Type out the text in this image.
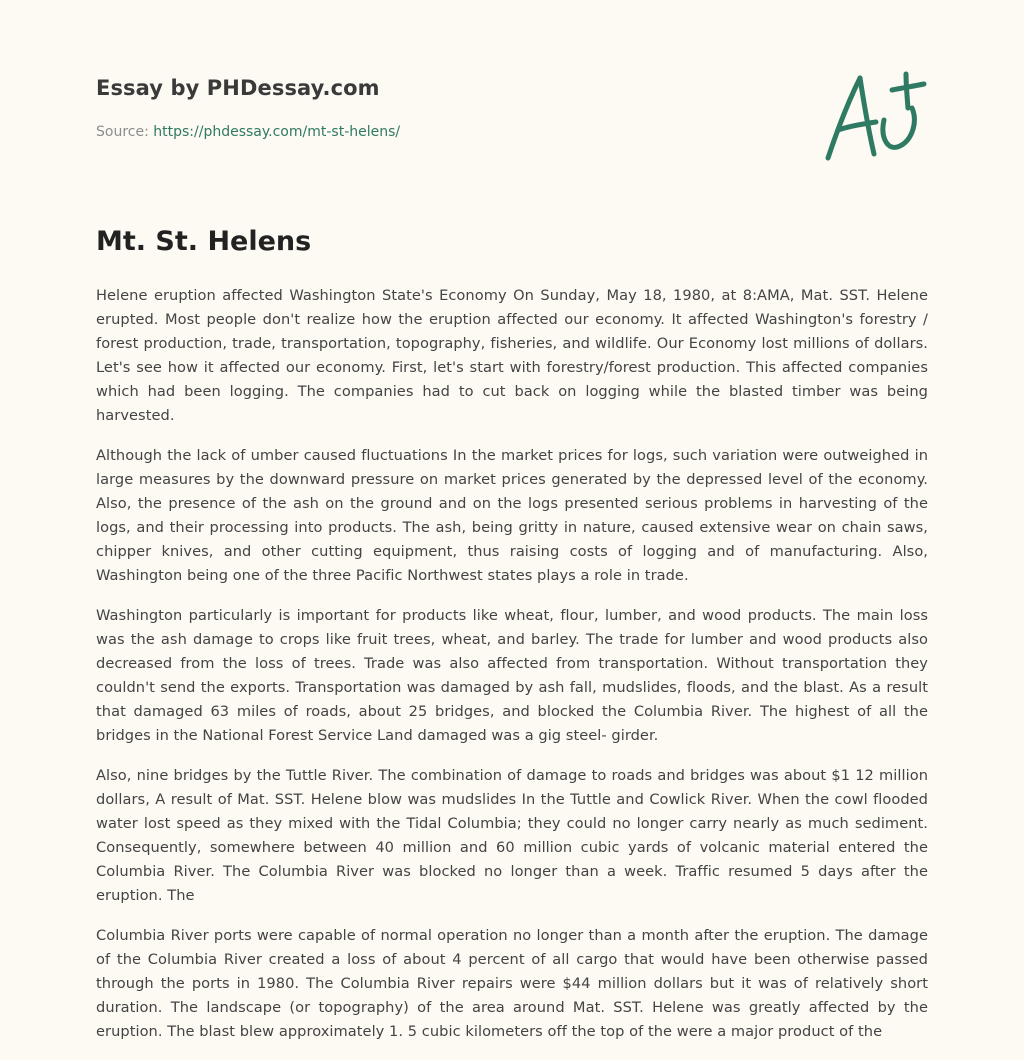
Essay by PHDessay.com
Source: https://phdessay.com/mt-st-helens/
Mt. St. Helens

Helene eruption affected Washington State's Economy On Sunday, May 18, 1980, at 8:AMA, Mat. SST. Helene erupted. Most people don't realize how the eruption affected our economy. It affected Washington's forestry / forest production, trade, transportation, topography, fisheries, and wildlife. Our Economy lost millions of dollars. Let's see how it affected our economy. First, let's start with forestry/forest production. This affected companies which had been logging. The companies had to cut back on logging while the blasted timber was being harvested.

Although the lack of umber caused fluctuations In the market prices for logs, such variation were outweighed in large measures by the downward pressure on market prices generated by the depressed level of the economy. Also, the presence of the ash on the ground and on the logs presented serious problems in harvesting of the logs, and their processing into products. The ash, being gritty in nature, caused extensive wear on chain saws, chipper knives, and other cutting equipment, thus raising costs of logging and of manufacturing. Also, Washington being one of the three Pacific Northwest states plays a role in trade.

Washington particularly is important for products like wheat, flour, lumber, and wood products. The main loss was the ash damage to crops like fruit trees, wheat, and barley. The trade for lumber and wood products also decreased from the loss of trees. Trade was also affected from transportation. Without transportation they couldn't send the exports. Transportation was damaged by ash fall, mudslides, floods, and the blast. As a result that damaged 63 miles of roads, about 25 bridges, and blocked the Columbia River. The highest of all the bridges in the National Forest Service Land damaged was a gig steel- girder.

Also, nine bridges by the Tuttle River. The combination of damage to roads and bridges was about $1 12 million dollars, A result of Mat. SST. Helene blow was mudslides In the Tuttle and Cowlick River. When the cowl flooded water lost speed as they mixed with the Tidal Columbia; they could no longer carry nearly as much sediment. Consequently, somewhere between 40 million and 60 million cubic yards of volcanic material entered the Columbia River. The Columbia River was blocked no longer than a week. Traffic resumed 5 days after the eruption. The

Columbia River ports were capable of normal operation no longer than a month after the eruption. The damage of the Columbia River created a loss of about 4 percent of all cargo that would have been otherwise passed through the ports in 1980. The Columbia River repairs were $44 million dollars but it was of relatively short duration. The landscape (or topography) of the area around Mat. SST. Helene was greatly affected by the eruption. The blast blew approximately 1. 5 cubic kilometers off the top of the were a major product of the
